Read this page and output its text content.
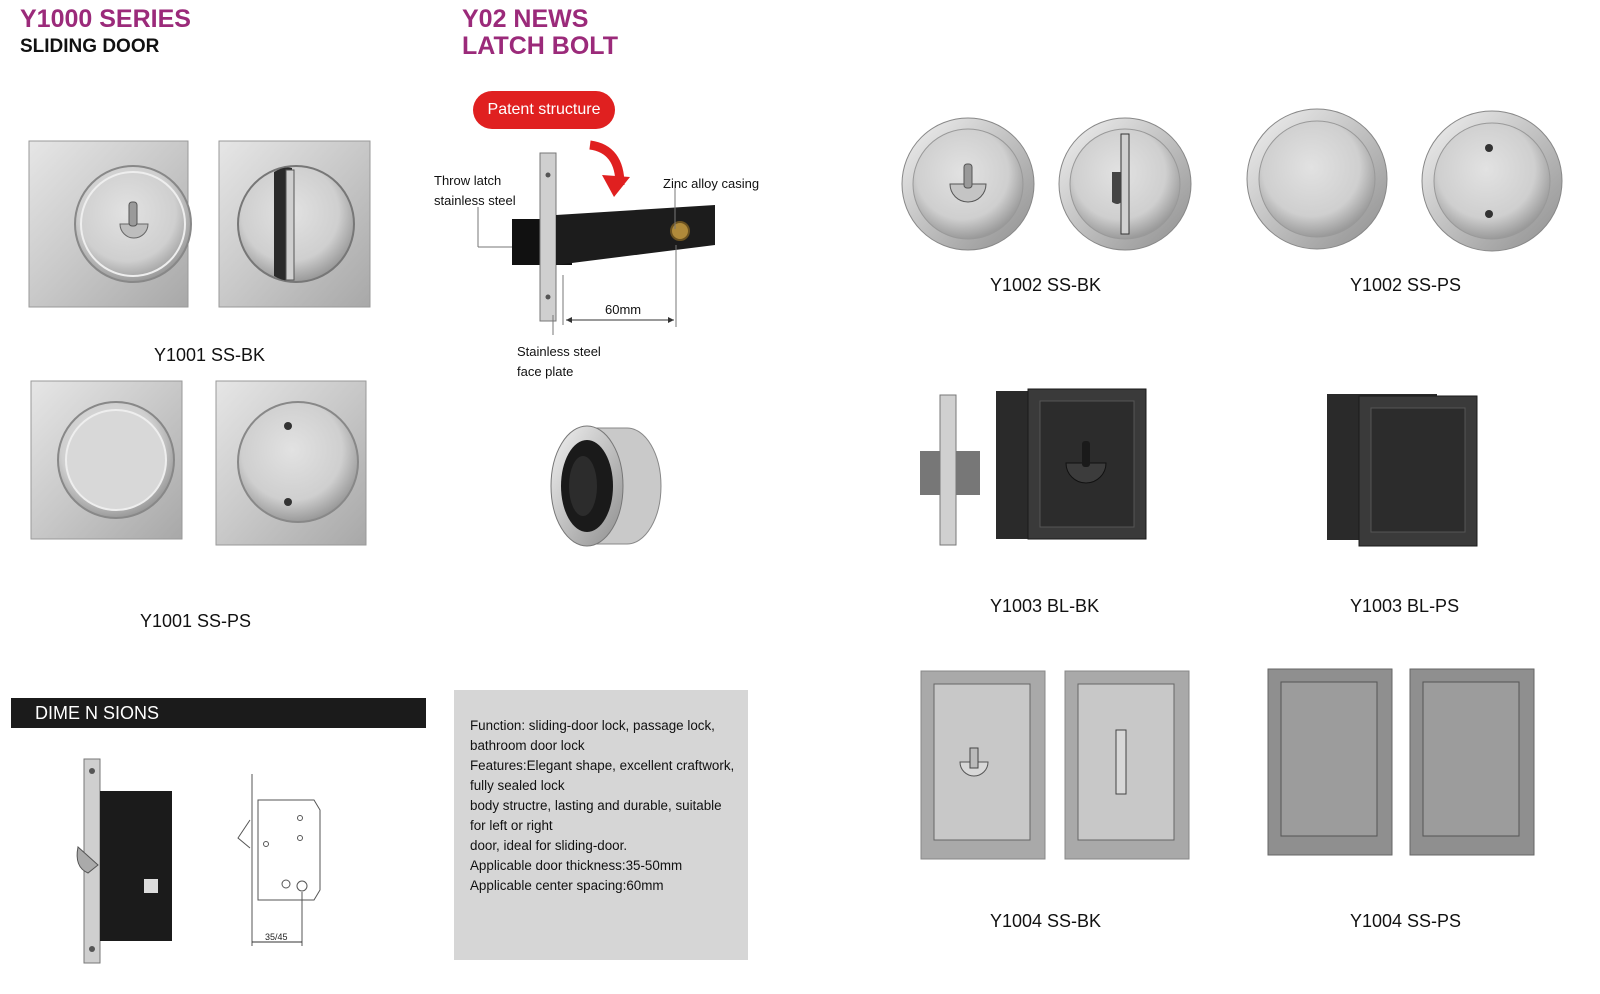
Y1000 SERIES
SLIDING DOOR
Y02 NEWS
LATCH BOLT
Y1001 SS-BK
Y1001 SS-PS
Patent structure
Throw latch
stainless steel
Zinc alloy casing
60mm
Stainless steel
face plate
Y1002 SS-BK	Y1002 SS-PS
Y1003 BL-BK	Y1003 BL-PS
Y1004 SS-BK	Y1004 SS-PS
DIME N SIONS
35/45
Function: sliding-door lock, passage lock,
bathroom door lock
Features:Elegant shape, excellent craftwork,
fully sealed lock
body structre, lasting and durable, suitable
for left or right
door, ideal for sliding-door.
Applicable door thickness:35-50mm
Applicable center spacing:60mm
